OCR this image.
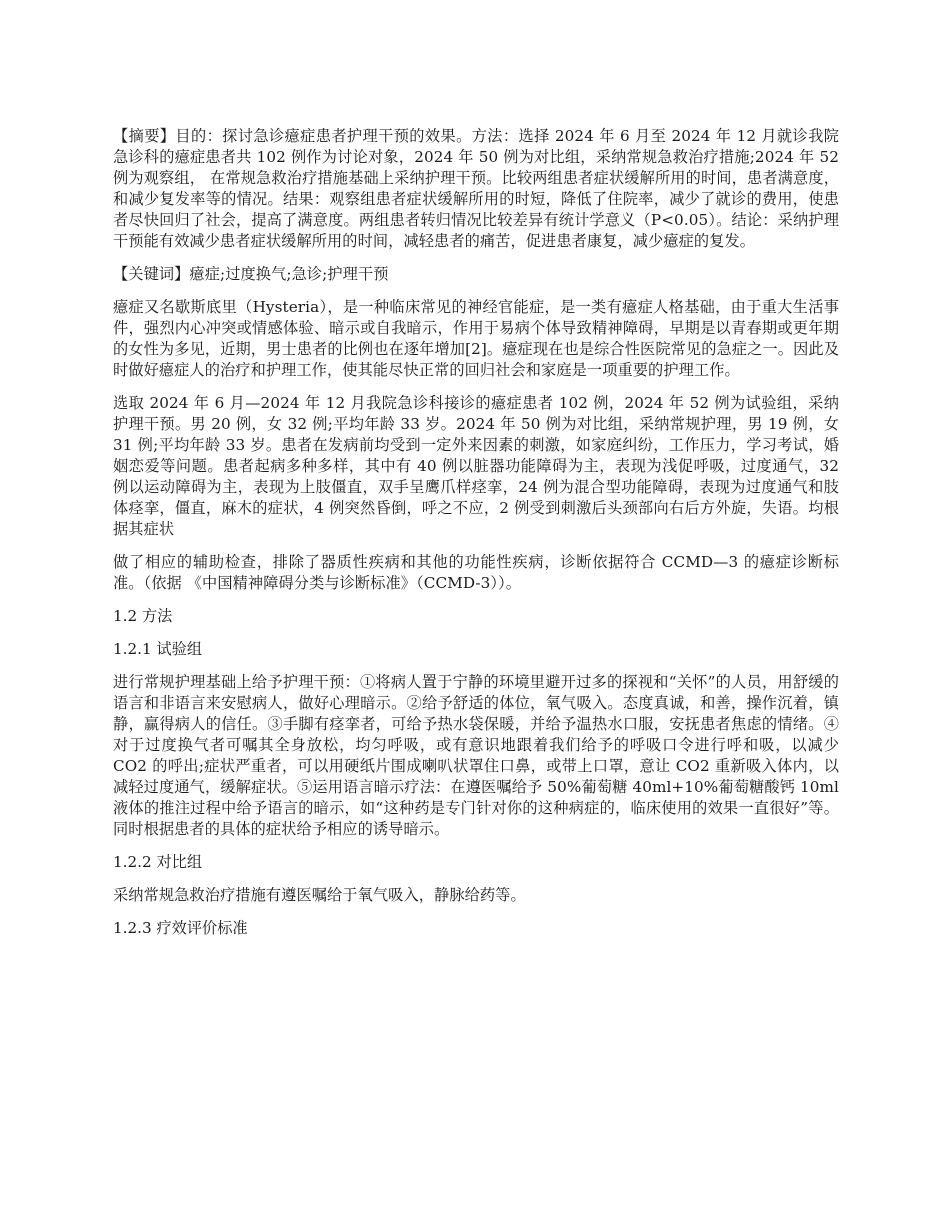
【摘要】目的：探讨急诊癔症患者护理干预的效果。方法：选择 2024 年 6 月至 2024 年 12 月就诊我院急诊科的癔症患者共 102 例作为讨论对象，2024 年 50 例为对比组，采纳常规急救治疗措施;2024 年 52 例为观察组， 在常规急救治疗措施基础上采纳护理干预。比较两组患者症状缓解所用的时间，患者满意度，和减少复发率等的情况。结果：观察组患者症状缓解所用的时短，降低了住院率，减少了就诊的费用，使患者尽快回归了社会，提高了满意度。两组患者转归情况比较差异有统计学意义（P<0.05）。结论：采纳护理干预能有效减少患者症状缓解所用的时间，减轻患者的痛苦，促进患者康复，减少癔症的复发。

【关键词】癔症;过度换气;急诊;护理干预

癔症又名歇斯底里（Hysteria），是一种临床常见的神经官能症，是一类有癔症人格基础，由于重大生活事件，强烈内心冲突或情感体验、暗示或自我暗示，作用于易病个体导致精神障碍，早期是以青春期或更年期的女性为多见，近期，男士患者的比例也在逐年增加[2]。癔症现在也是综合性医院常见的急症之一。因此及时做好癔症人的治疗和护理工作，使其能尽快正常的回归社会和家庭是一项重要的护理工作。

选取 2024 年 6 月—2024 年 12 月我院急诊科接诊的癔症患者 102 例，2024 年 52 例为试验组，采纳护理干预。男 20 例，女 32 例;平均年龄 33 岁。2024 年 50 例为对比组，采纳常规护理，男 19 例，女 31 例;平均年龄 33 岁。患者在发病前均受到一定外来因素的刺激，如家庭纠纷，工作压力，学习考试，婚姻恋爱等问题。患者起病多种多样，其中有 40 例以脏器功能障碍为主，表现为浅促呼吸，过度通气，32 例以运动障碍为主，表现为上肢僵直，双手呈鹰爪样痉挛，24 例为混合型功能障碍，表现为过度通气和肢体痉挛，僵直，麻木的症状，4 例突然昏倒，呼之不应，2 例受到刺激后头颈部向右后方外旋，失语。均根据其症状

做了相应的辅助检查，排除了器质性疾病和其他的功能性疾病，诊断依据符合 CCMD—3 的癔症诊断标准。（依据 《中国精神障碍分类与诊断标准》（CCMD-3））。

1.2 方法

1.2.1 试验组

进行常规护理基础上给予护理干预：①将病人置于宁静的环境里避开过多的探视和“关怀”的人员，用舒缓的语言和非语言来安慰病人，做好心理暗示。②给予舒适的体位，氧气吸入。态度真诚，和善，操作沉着，镇静，赢得病人的信任。③手脚有痉挛者，可给予热水袋保暖，并给予温热水口服，安抚患者焦虑的情绪。④对于过度换气者可嘱其全身放松，均匀呼吸，或有意识地跟着我们给予的呼吸口令进行呼和吸，以减少 CO2 的呼出;症状严重者，可以用硬纸片围成喇叭状罩住口鼻，或带上口罩，意让 CO2 重新吸入体内，以减轻过度通气，缓解症状。⑤运用语言暗示疗法：在遵医嘱给予 50%葡萄糖 40ml+10%葡萄糖酸钙 10ml 液体的推注过程中给予语言的暗示，如“这种药是专门针对你的这种病症的，临床使用的效果一直很好”等。同时根据患者的具体的症状给予相应的诱导暗示。

1.2.2 对比组

采纳常规急救治疗措施有遵医嘱给于氧气吸入，静脉给药等。

1.2.3 疗效评价标准
